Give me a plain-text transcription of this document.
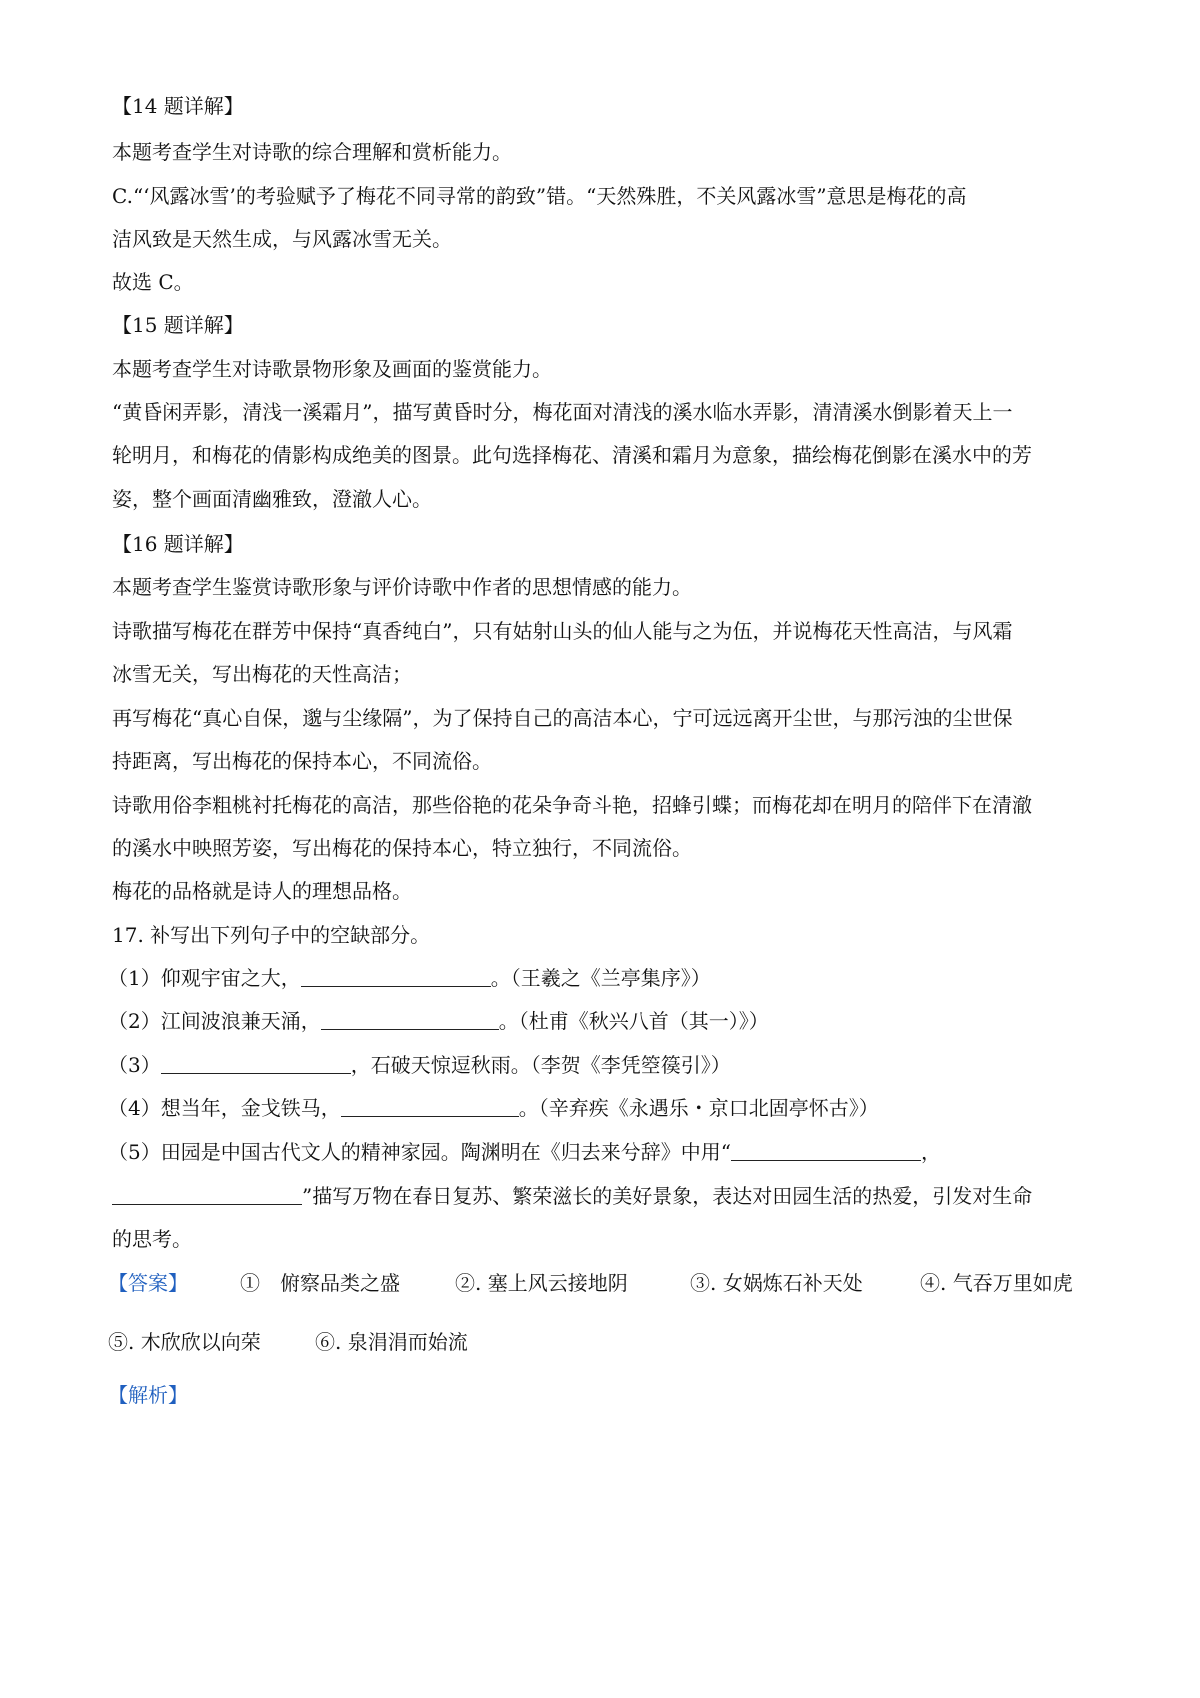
【14 题详解】
本题考查学生对诗歌的综合理解和赏析能力。
C.“‘风露冰雪’的考验赋予了梅花不同寻常的韵致”错。“天然殊胜，不关风露冰雪”意思是梅花的高
洁风致是天然生成，与风露冰雪无关。
故选 C。
【15 题详解】
本题考查学生对诗歌景物形象及画面的鉴赏能力。
“黄昏闲弄影，清浅一溪霜月”，描写黄昏时分，梅花面对清浅的溪水临水弄影，清清溪水倒影着天上一
轮明月，和梅花的倩影构成绝美的图景。此句选择梅花、清溪和霜月为意象，描绘梅花倒影在溪水中的芳
姿，整个画面清幽雅致，澄澈人心。
【16 题详解】
本题考查学生鉴赏诗歌形象与评价诗歌中作者的思想情感的能力。
诗歌描写梅花在群芳中保持“真香纯白”，只有姑射山头的仙人能与之为伍，并说梅花天性高洁，与风霜
冰雪无关，写出梅花的天性高洁；
再写梅花“真心自保，邈与尘缘隔”，为了保持自己的高洁本心，宁可远远离开尘世，与那污浊的尘世保
持距离，写出梅花的保持本心，不同流俗。
诗歌用俗李粗桃衬托梅花的高洁，那些俗艳的花朵争奇斗艳，招蜂引蝶；而梅花却在明月的陪伴下在清澈
的溪水中映照芳姿，写出梅花的保持本心，特立独行，不同流俗。
梅花的品格就是诗人的理想品格。
17. 补写出下列句子中的空缺部分。
（1）仰观宇宙之大，	。（王羲之《兰亭集序》）
（2）江间波浪兼天涌，	。（杜甫《秋兴八首（其一）》）
（3）	，石破天惊逗秋雨。（李贺《李凭箜篌引》）
（4）想当年，金戈铁马，	。（辛弃疾《永遇乐・京口北固亭怀古》）
（5）田园是中国古代文人的精神家园。陶渊明在《归去来兮辞》中用“	，
”描写万物在春日复苏、繁荣滋长的美好景象，表达对田园生活的热爱，引发对生命
的思考。
【答案】	①　俯察品类之盛	②. 塞上风云接地阴	③. 女娲炼石补天处	④. 气吞万里如虎
⑤. 木欣欣以向荣	⑥. 泉涓涓而始流
【解析】
